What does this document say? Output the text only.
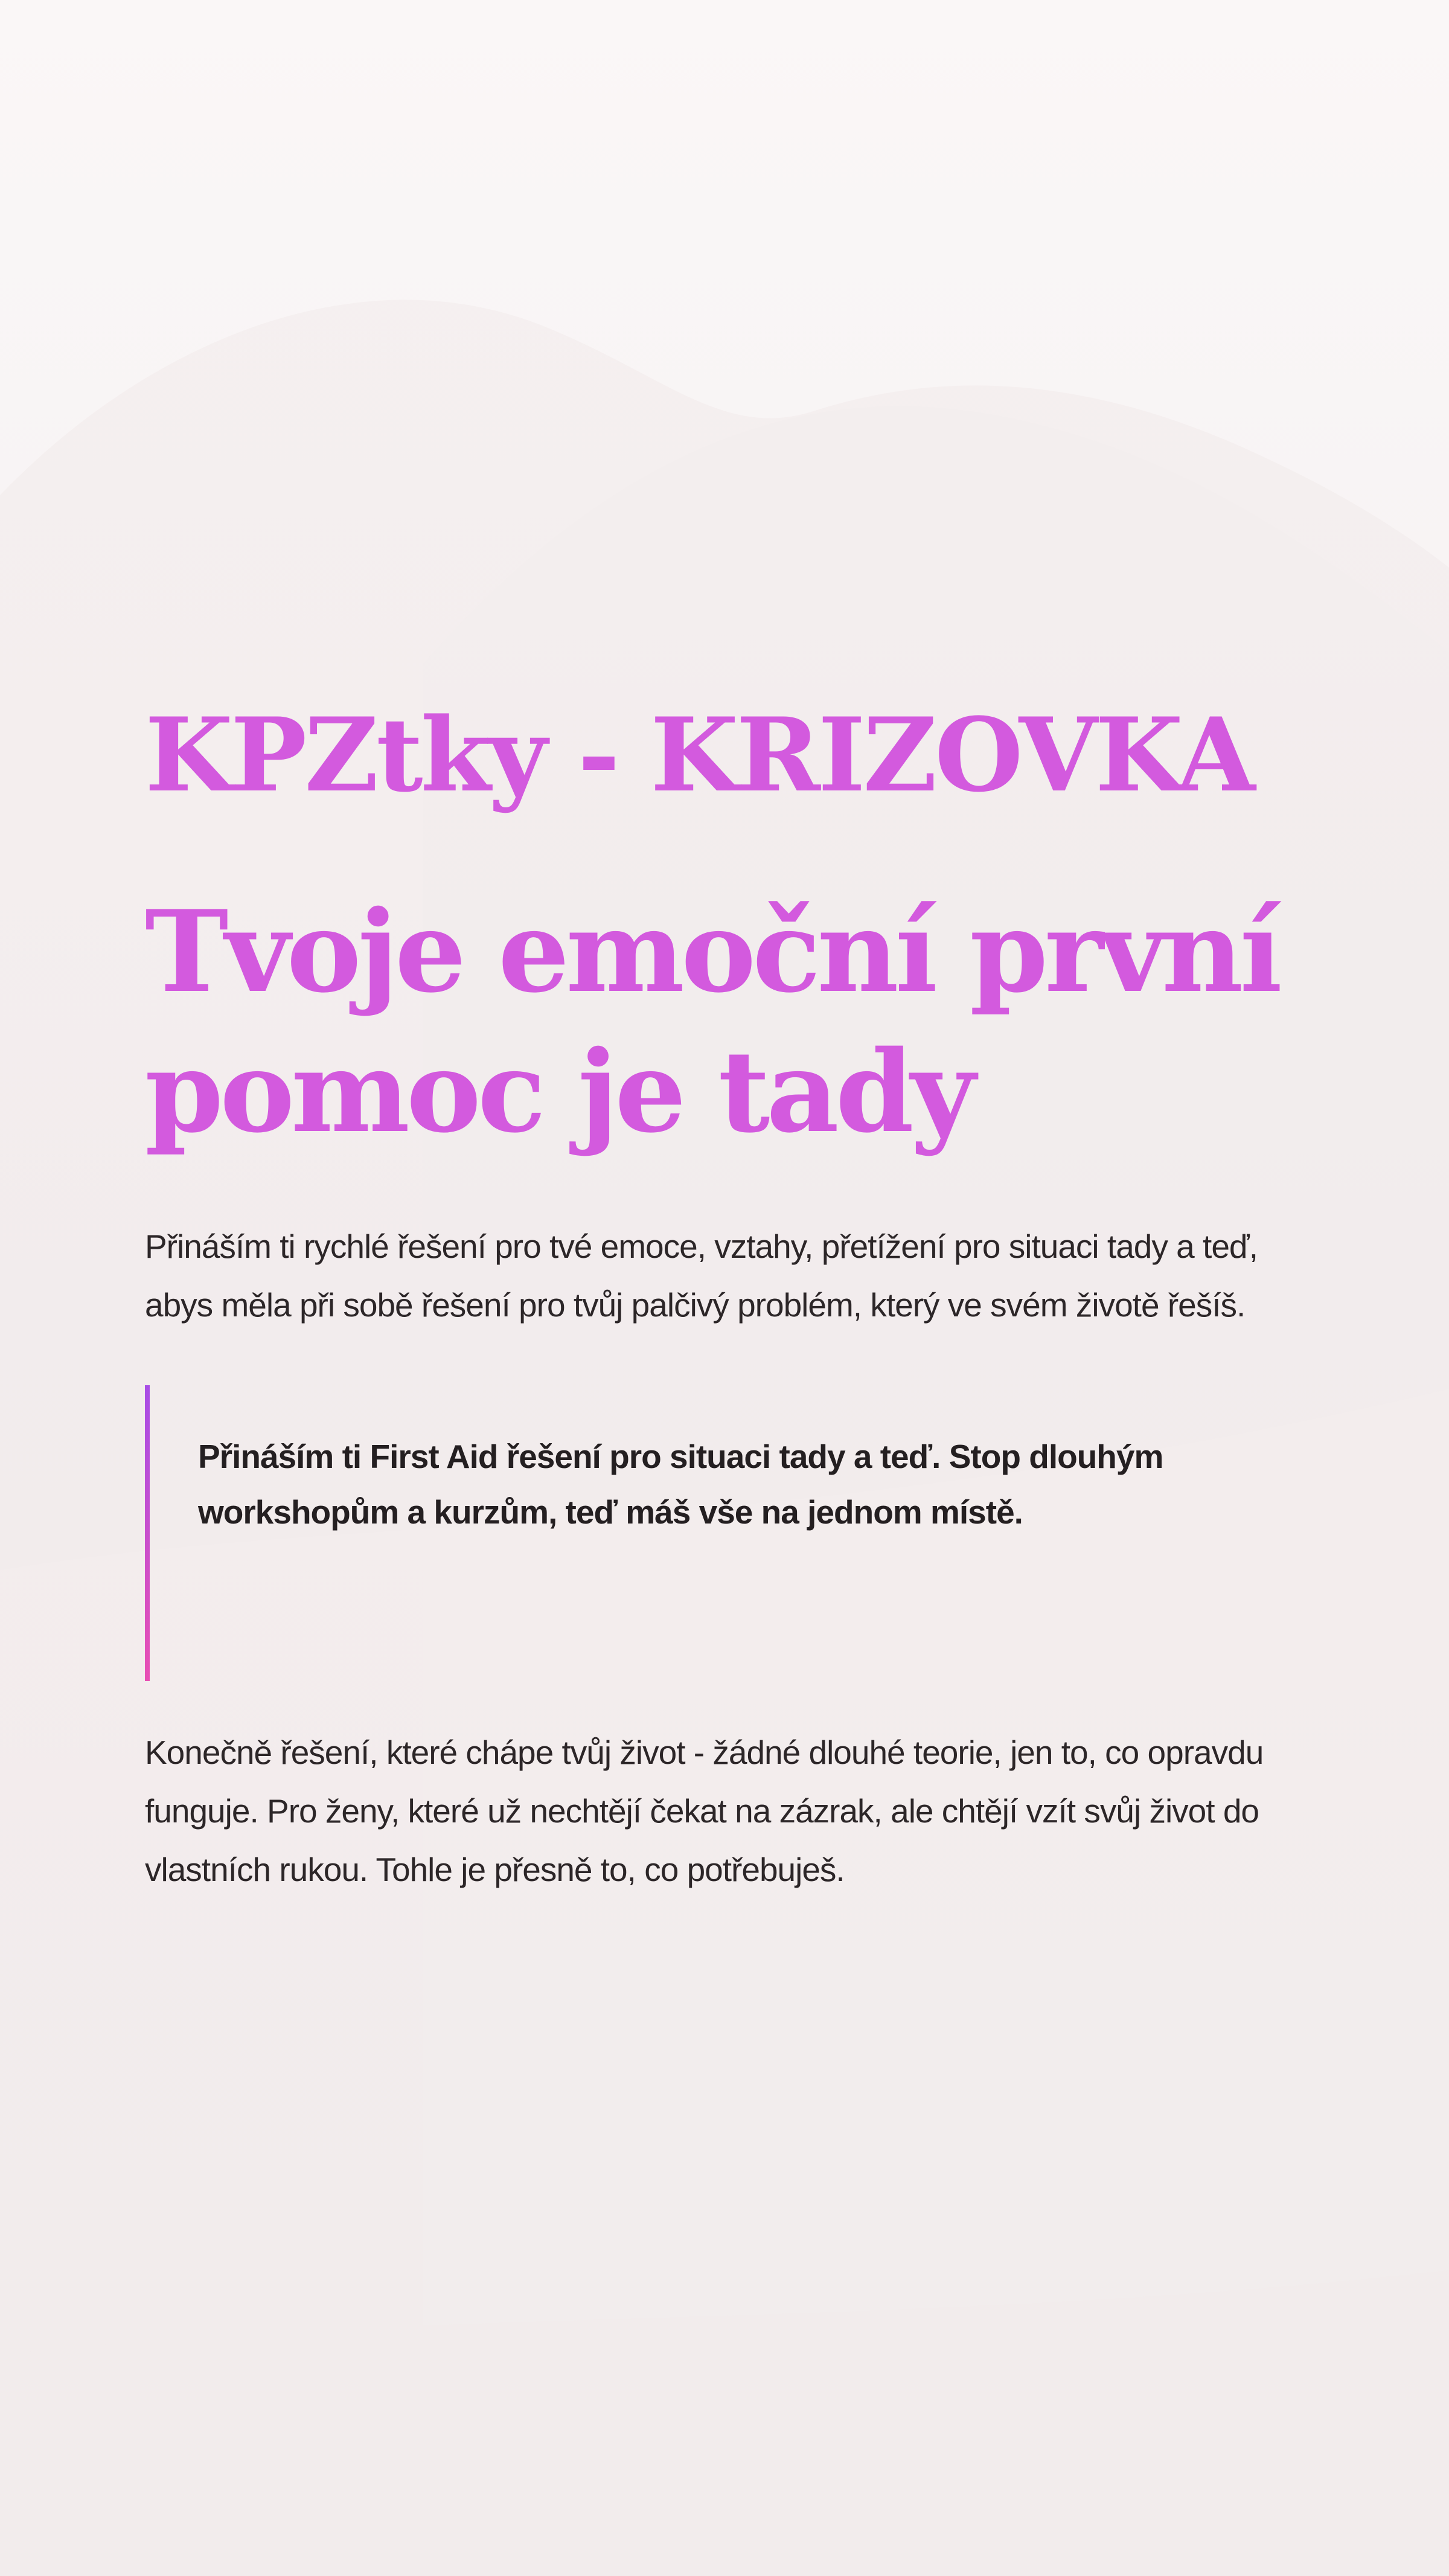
KPZtky - KRIZOVKA
Tvoje emoční první
pomoc je tady

Přináším ti rychlé řešení pro tvé emoce, vztahy, přetížení pro situaci tady a teď,
abys měla při sobě řešení pro tvůj palčivý problém, který ve svém životě řešíš.

Přináším ti First Aid řešení pro situaci tady a teď. Stop dlouhým
workshopům a kurzům, teď máš vše na jednom místě.

Konečně řešení, které chápe tvůj život - žádné dlouhé teorie, jen to, co opravdu
funguje. Pro ženy, které už nechtějí čekat na zázrak, ale chtějí vzít svůj život do
vlastních rukou. Tohle je přesně to, co potřebuješ.
